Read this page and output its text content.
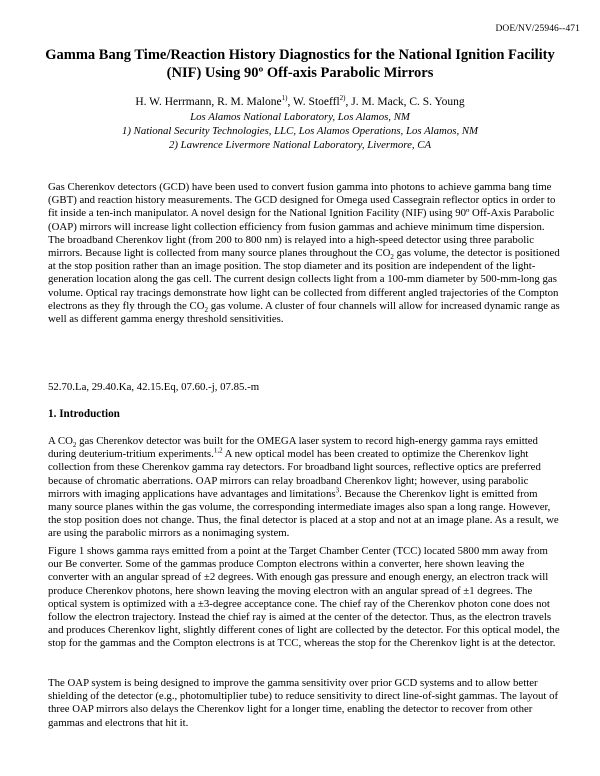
DOE/NV/25946--471
Gamma Bang Time/Reaction History Diagnostics for the National Ignition Facility
(NIF) Using 90º Off-axis Parabolic Mirrors
H. W. Herrmann, R. M. Malone$^{1)}$, W. Stoeffl$^{2)}$, J. M. Mack, C. S. Young
Los Alamos National Laboratory, Los Alamos, NM
1) National Security Technologies, LLC, Los Alamos Operations, Los Alamos, NM
2) Lawrence Livermore National Laboratory, Livermore, CA
Gas Cherenkov detectors (GCD) have been used to convert fusion gamma into photons to achieve gamma bang time (GBT) and reaction history measurements. The GCD designed for Omega used Cassegrain reflector optics in order to fit inside a ten-inch manipulator. A novel design for the National Ignition Facility (NIF) using 90º Off-Axis Parabolic (OAP) mirrors will increase light collection efficiency from fusion gammas and achieve minimum time dispersion. The broadband Cherenkov light (from 200 to 800 nm) is relayed into a high-speed detector using three parabolic mirrors. Because light is collected from many source planes throughout the $CO_2$ gas volume, the detector is positioned at the stop position rather than an image position. The stop diameter and its position are independent of the light-generation location along the gas cell. The current design collects light from a 100-mm diameter by 500-mm-long gas volume. Optical ray tracings demonstrate how light can be collected from different angled trajectories of the Compton electrons as they fly through the $CO_2$ gas volume. A cluster of four channels will allow for increased dynamic range as well as different gamma energy threshold sensitivities.
52.70.La, 29.40.Ka, 42.15.Eq, 07.60.-j, 07.85.-m
1. Introduction
A $CO_2$ gas Cherenkov detector was built for the OMEGA laser system to record high-energy gamma rays emitted during deuterium-tritium experiments.$^{1,2}$ A new optical model has been created to optimize the Cherenkov light collection from these Cherenkov gamma ray detectors. For broadband light sources, reflective optics are preferred because of chromatic aberrations. OAP mirrors can relay broadband Cherenkov light; however, using parabolic mirrors with imaging applications have advantages and limitations$^3$. Because the Cherenkov light is emitted from many source planes within the gas volume, the corresponding intermediate images also span a long range. However, the stop position does not change. Thus, the final detector is placed at a stop and not at an image plane. As a result, we are using the parabolic mirrors as a nonimaging system.
Figure 1 shows gamma rays emitted from a point at the Target Chamber Center (TCC) located 5800 mm away from our Be converter. Some of the gammas produce Compton electrons within a converter, here shown leaving the converter with an angular spread of ±2 degrees. With enough gas pressure and enough energy, an electron track will produce Cherenkov photons, here shown leaving the moving electron with an angular spread of ±1 degrees. The optical system is optimized with a ±3-degree acceptance cone. The chief ray of the Cherenkov photon cone does not follow the electron trajectory. Instead the chief ray is aimed at the center of the detector. Thus, as the electron travels and produces Cherenkov light, slightly different cones of light are collected by the detector. For this optical model, the stop for the gammas and the Compton electrons is at TCC, whereas the stop for the Cherenkov light is at the detector.
The OAP system is being designed to improve the gamma sensitivity over prior GCD systems and to allow better shielding of the detector (e.g., photomultiplier tube) to reduce sensitivity to direct line-of-sight gammas. The layout of three OAP mirrors also delays the Cherenkov light for a longer time, enabling the detector to recover from other gammas and electrons that hit it.
